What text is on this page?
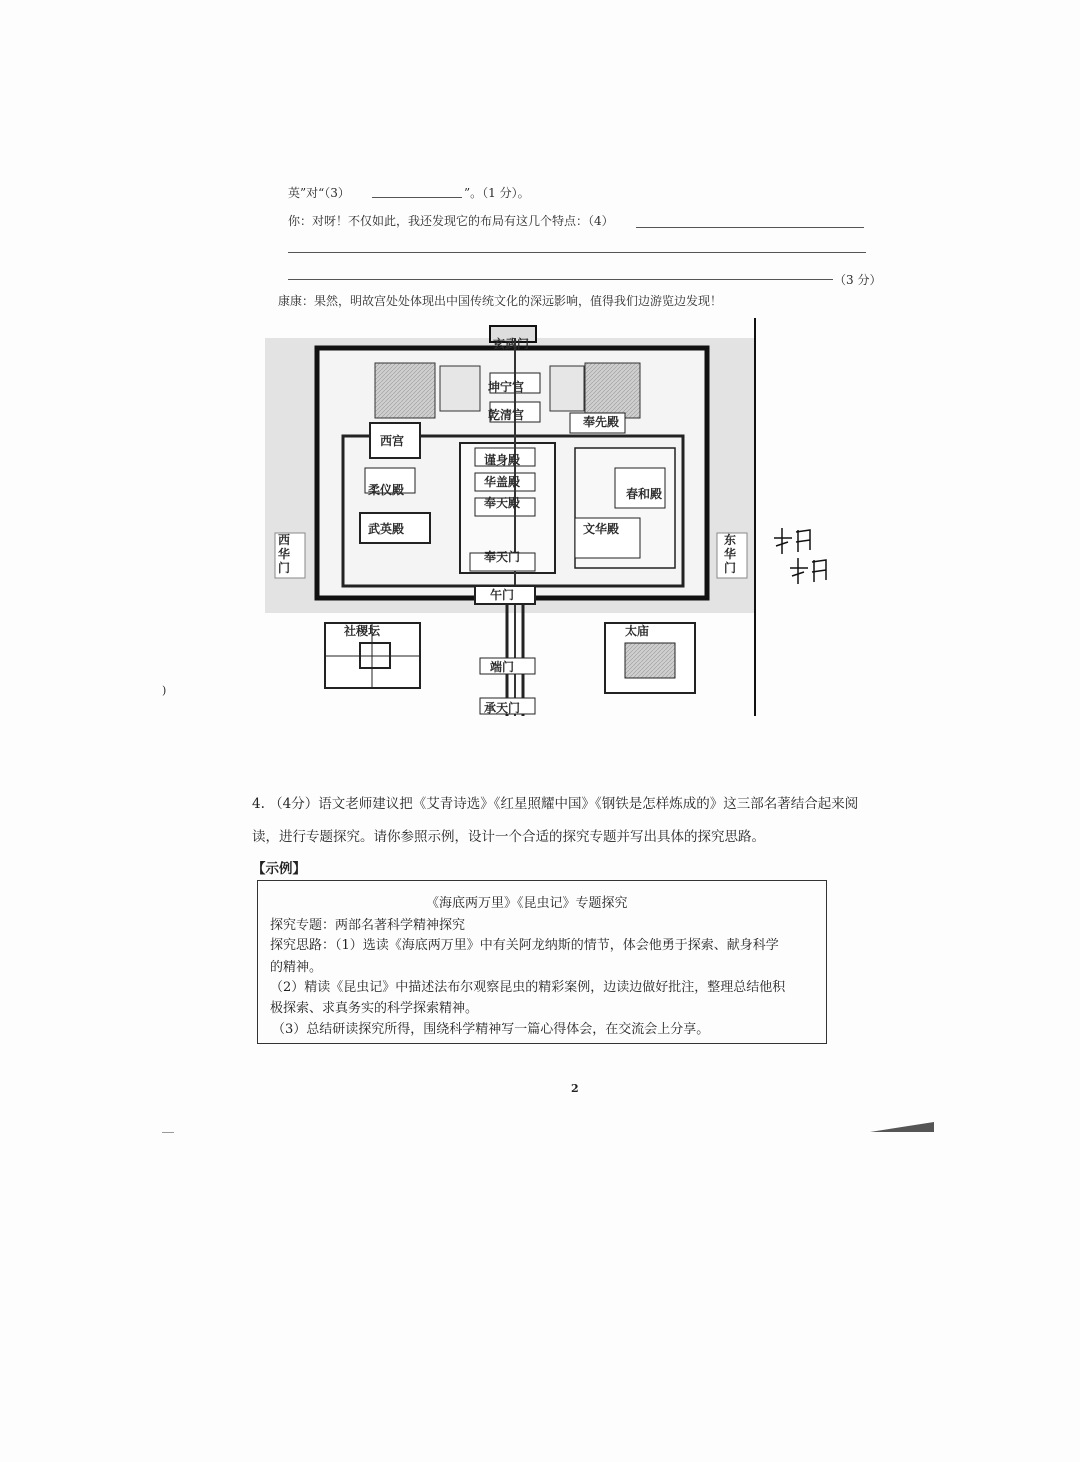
英”对“（3）	”。（1 分）。
你：对呀！不仅如此，我还发现它的布局有这几个特点：（4）
（3 分）
康康：果然，明故宫处处体现出中国传统文化的深远影响，值得我们边游览边发现！
玄武门
坤宁宫
乾清宫	奉先殿
西宫
谨身殿
华盖殿
奉天殿
柔仪殿	春和殿
武英殿	文华殿
西华门
东华门
奉天门
午门
社稷坛	太庙
端门
承天门
)
4. （4分）语文老师建议把《艾青诗选》《红星照耀中国》《钢铁是怎样炼成的》这三部名著结合起来阅
读，进行专题探究。请你参照示例，设计一个合适的探究专题并写出具体的探究思路。
【示例】
《海底两万里》《昆虫记》专题探究
探究专题：两部名著科学精神探究
探究思路：（1）选读《海底两万里》中有关阿龙纳斯的情节，体会他勇于探索、献身科学
的精神。
（2）精读《昆虫记》中描述法布尔观察昆虫的精彩案例，边读边做好批注，整理总结他积
极探索、求真务实的科学探索精神。
（3）总结研读探究所得，围绕科学精神写一篇心得体会，在交流会上分享。
2
